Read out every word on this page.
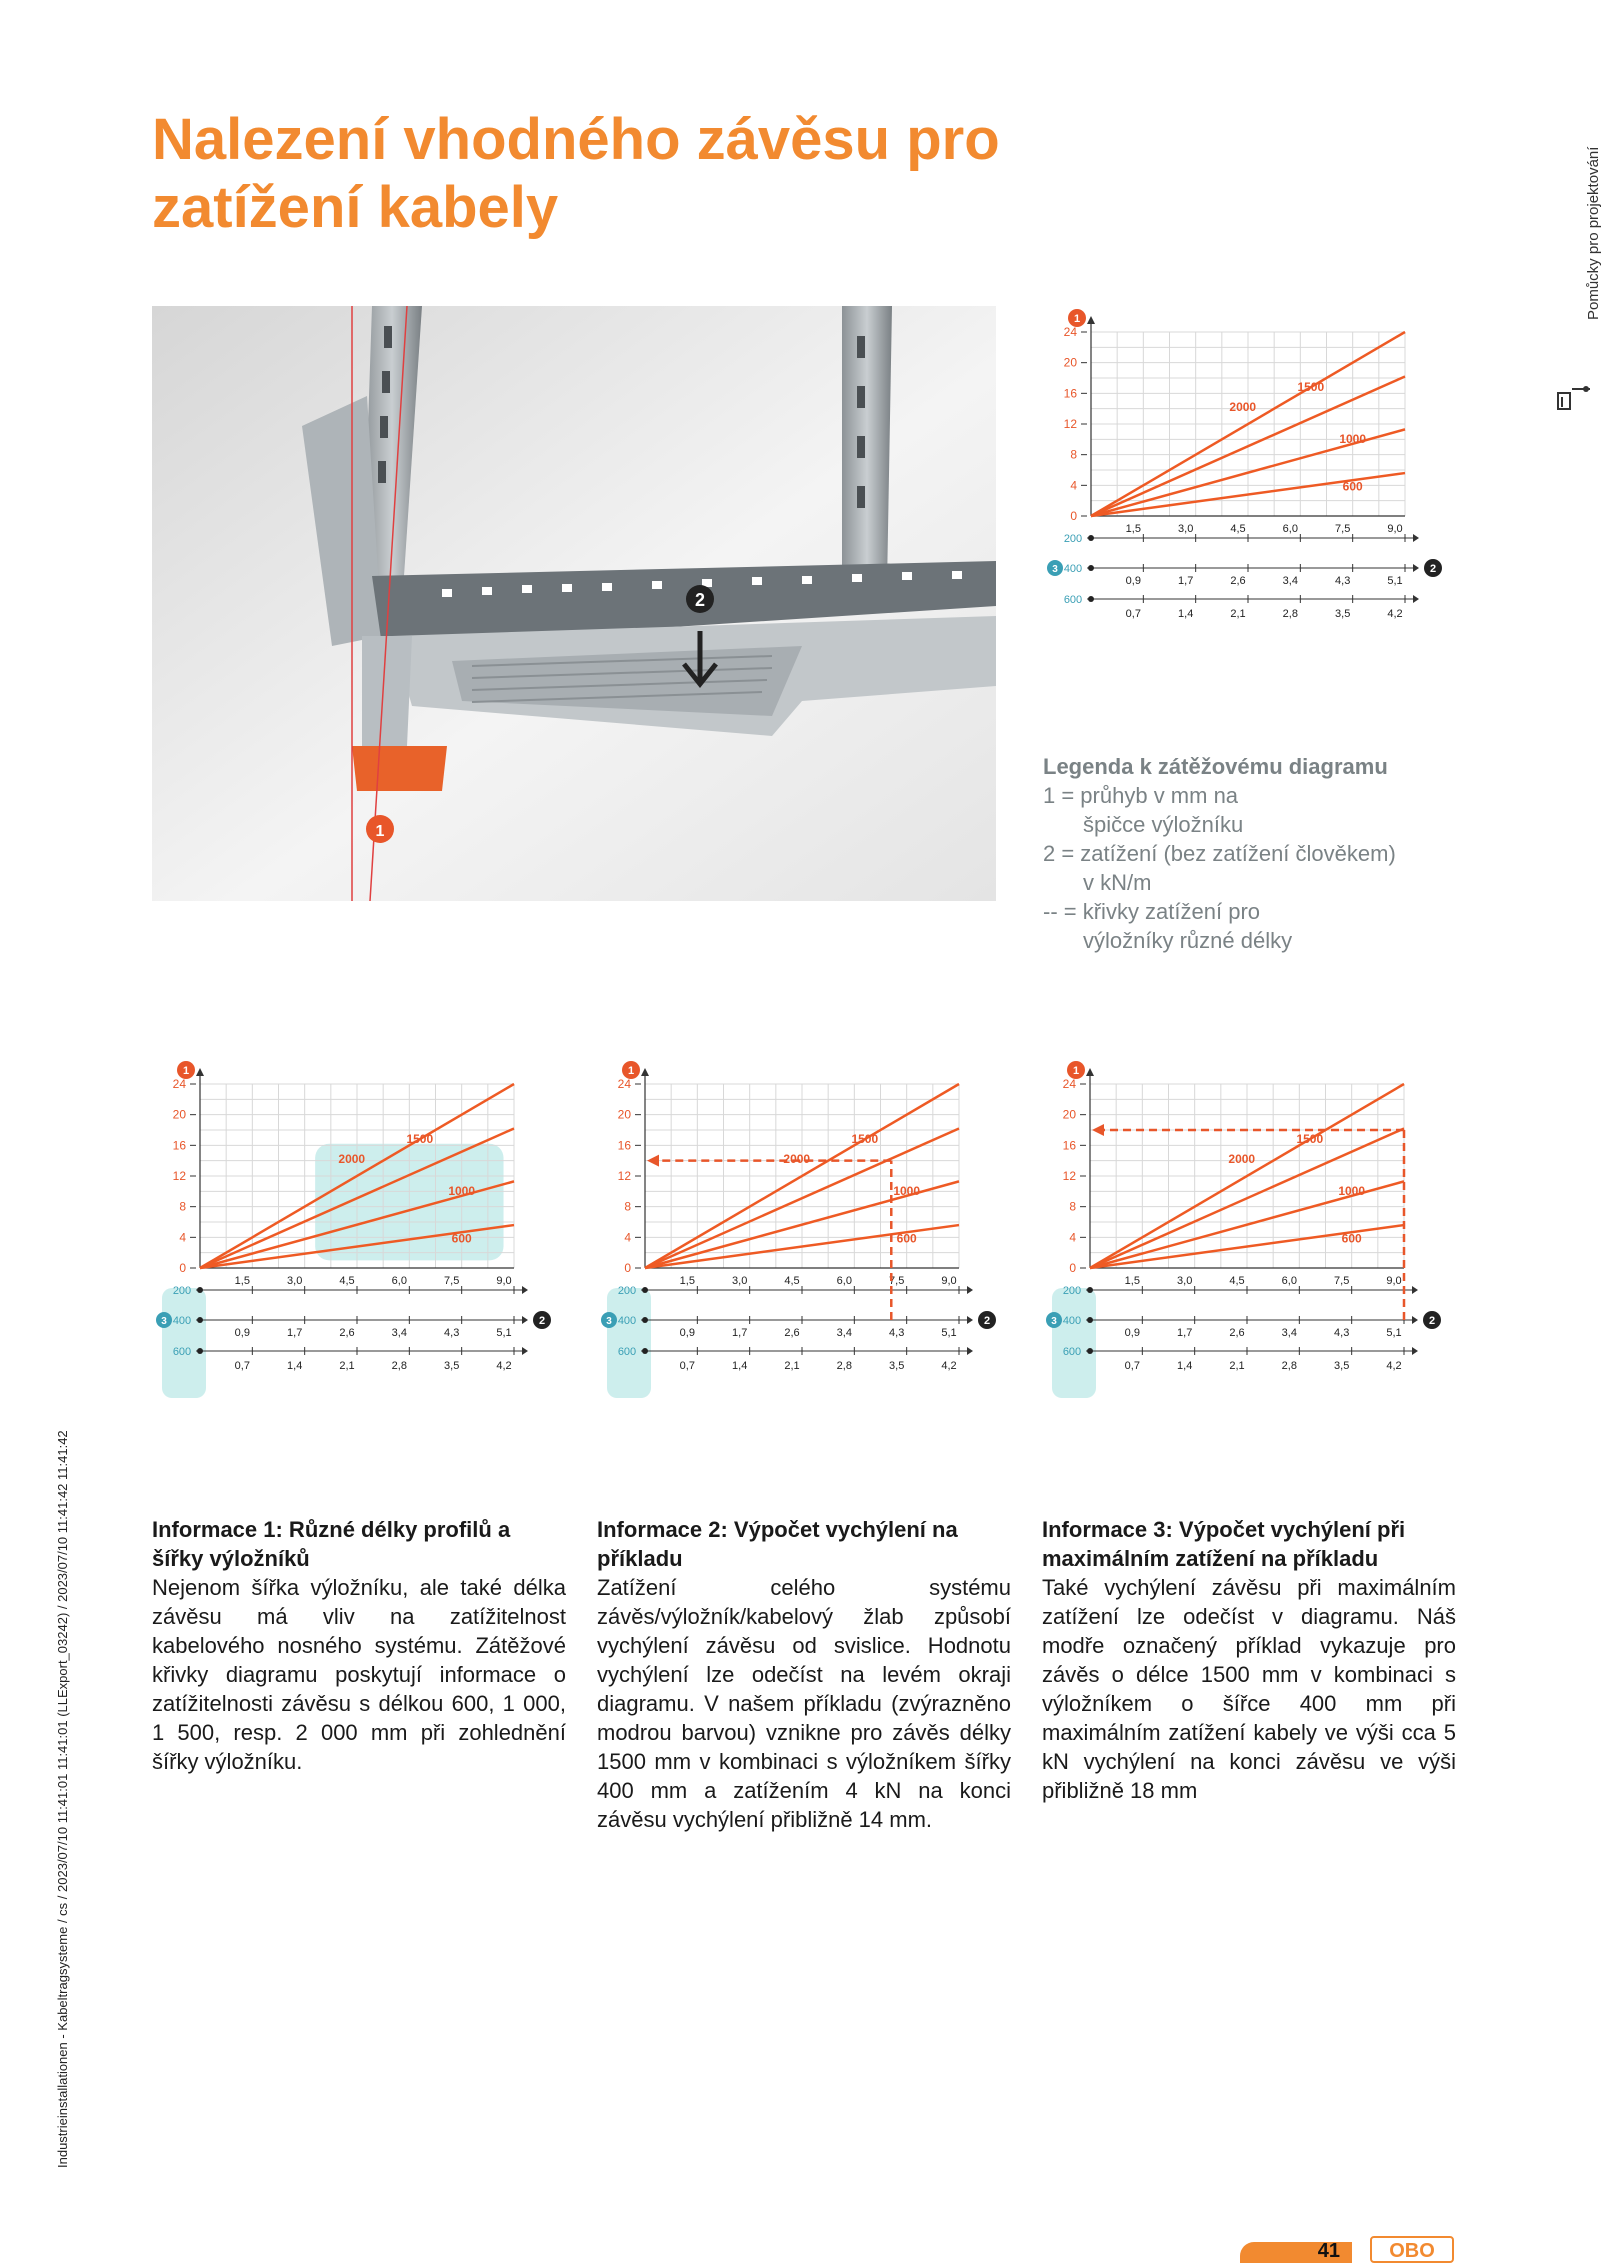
Nalezení vhodného závěsu pro zatížení kabely	Pomůcky pro projektování
Industrieinstallationen - Kabeltragsysteme / cs / 2023/07/10 11:41:01 11:41:01 (LLExport_03242) / 2023/07/10 11:41:42 11:41:42
2
1
24
20
16
12
8
4
0
1
2000
1500
1000
600
200
1,5	3,0	4,5	6,0	7,5	9,0
400
0,9	1,7	2,6	3,4	4,3	5,1
600
0,7	1,4	2,1	2,8	3,5	4,2
3	2
Legenda k zátěžovému diagramu
1 = průhyb v mm na
špičce výložníku
2 = zatížení (bez zatížení člověkem)
v kN/m
-- = křivky zatížení pro
výložníky různé délky
24
20
16
12
8
4
0
1
2000
1500
1000
600
200
1,5	3,0	4,5	6,0	7,5	9,0
400
0,9	1,7	2,6	3,4	4,3	5,1
600
0,7	1,4	2,1	2,8	3,5	4,2
3	2
24
20
16
12
8
4
0
1
2000
1500
1000
600
200
1,5	3,0	4,5	6,0	7,5	9,0
400
0,9	1,7	2,6	3,4	4,3	5,1
600
0,7	1,4	2,1	2,8	3,5	4,2
3	2
24
20
16
12
8
4
0
1
2000
1500
1000
600
200
1,5	3,0	4,5	6,0	7,5	9,0
400
0,9	1,7	2,6	3,4	4,3	5,1
600
0,7	1,4	2,1	2,8	3,5	4,2
3	2
Informace 1: Různé délky profilů a šířky výložníků
Nejenom šířka výložníku, ale také délka závěsu má vliv na zatížitelnost kabelového nosného systému. Zátěžové křivky diagramu poskytují informace o zatížitelnosti závěsu s délkou 600, 1 000, 1 500, resp. 2 000 mm při zohlednění šířky výložníku.
Informace 2: Výpočet vychýlení na příkladu
Zatížení celého systému závěs/výložník/kabelový žlab způsobí vychýlení závěsu od svislice. Hodnotu vychýlení lze odečíst na levém okraji diagramu. V našem příkladu (zvýrazněno modrou barvou) vznikne pro závěs délky 1500 mm v kombinaci s výložníkem šířky 400 mm a zatížením 4 kN na konci závěsu vychýlení přibližně 14 mm.
Informace 3: Výpočet vychýlení při maximálním zatížení na příkladu
Také vychýlení závěsu při maximálním zatížení lze odečíst v diagramu. Náš modře označený příklad vykazuje pro závěs o délce 1500 mm v kombinaci s výložníkem o šířce 400 mm při maximálním zatížení kabely ve výši cca 5 kN vychýlení na konci závěsu ve výši přibližně 18 mm
41	OBO
